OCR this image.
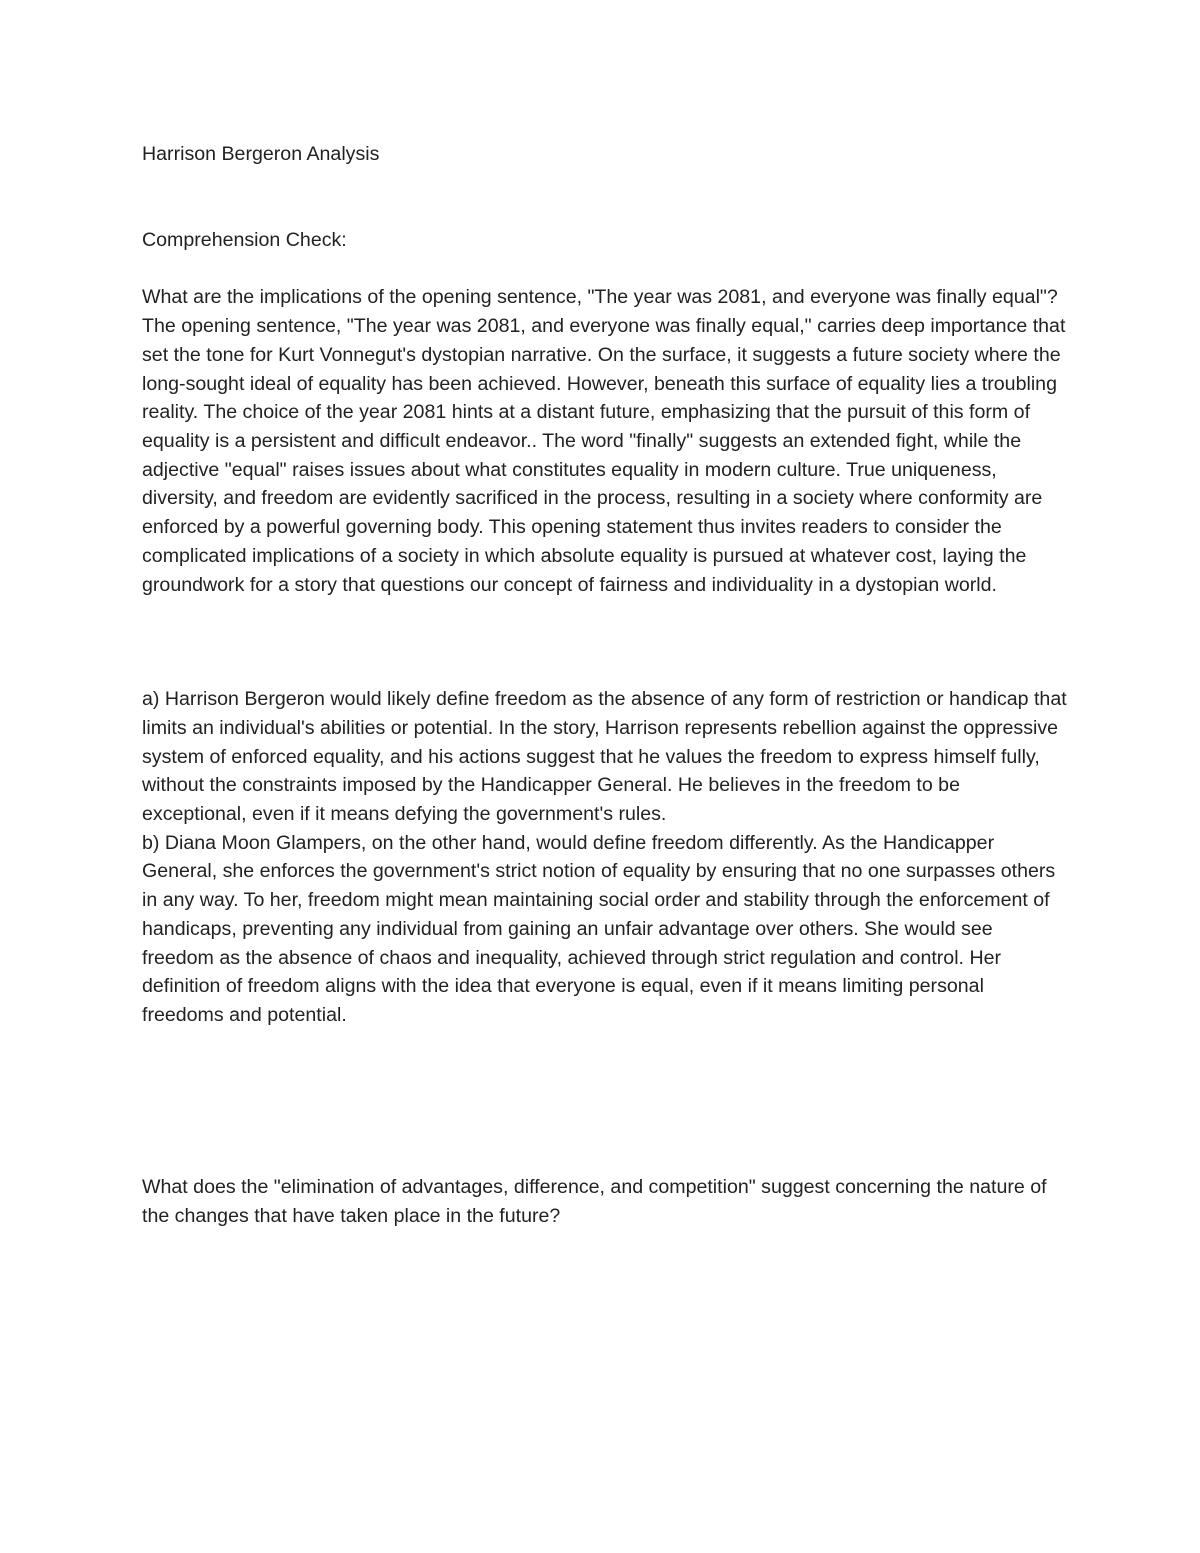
Harrison Bergeron Analysis

Comprehension Check:

What are the implications of the opening sentence, "The year was 2081, and everyone was finally equal"?

The opening sentence, "The year was 2081, and everyone was finally equal," carries deep importance that set the tone for Kurt Vonnegut's dystopian narrative. On the surface, it suggests a future society where the long-sought ideal of equality has been achieved. However, beneath this surface of equality lies a troubling reality. The choice of the year 2081 hints at a distant future, emphasizing that the pursuit of this form of equality is a persistent and difficult endeavor.. The word "finally" suggests an extended fight, while the adjective "equal" raises issues about what constitutes equality in modern culture. True uniqueness, diversity, and freedom are evidently sacrificed in the process, resulting in a society where conformity are enforced by a powerful governing body. This opening statement thus invites readers to consider the complicated implications of a society in which absolute equality is pursued at whatever cost, laying the groundwork for a story that questions our concept of fairness and individuality in a dystopian world.

a) Harrison Bergeron would likely define freedom as the absence of any form of restriction or handicap that limits an individual's abilities or potential. In the story, Harrison represents rebellion against the oppressive system of enforced equality, and his actions suggest that he values the freedom to express himself fully, without the constraints imposed by the Handicapper General. He believes in the freedom to be exceptional, even if it means defying the government's rules.

b) Diana Moon Glampers, on the other hand, would define freedom differently. As the Handicapper General, she enforces the government's strict notion of equality by ensuring that no one surpasses others in any way. To her, freedom might mean maintaining social order and stability through the enforcement of handicaps, preventing any individual from gaining an unfair advantage over others. She would see freedom as the absence of chaos and inequality, achieved through strict regulation and control. Her definition of freedom aligns with the idea that everyone is equal, even if it means limiting personal freedoms and potential.

What does the "elimination of advantages, difference, and competition" suggest concerning the nature of the changes that have taken place in the future?
